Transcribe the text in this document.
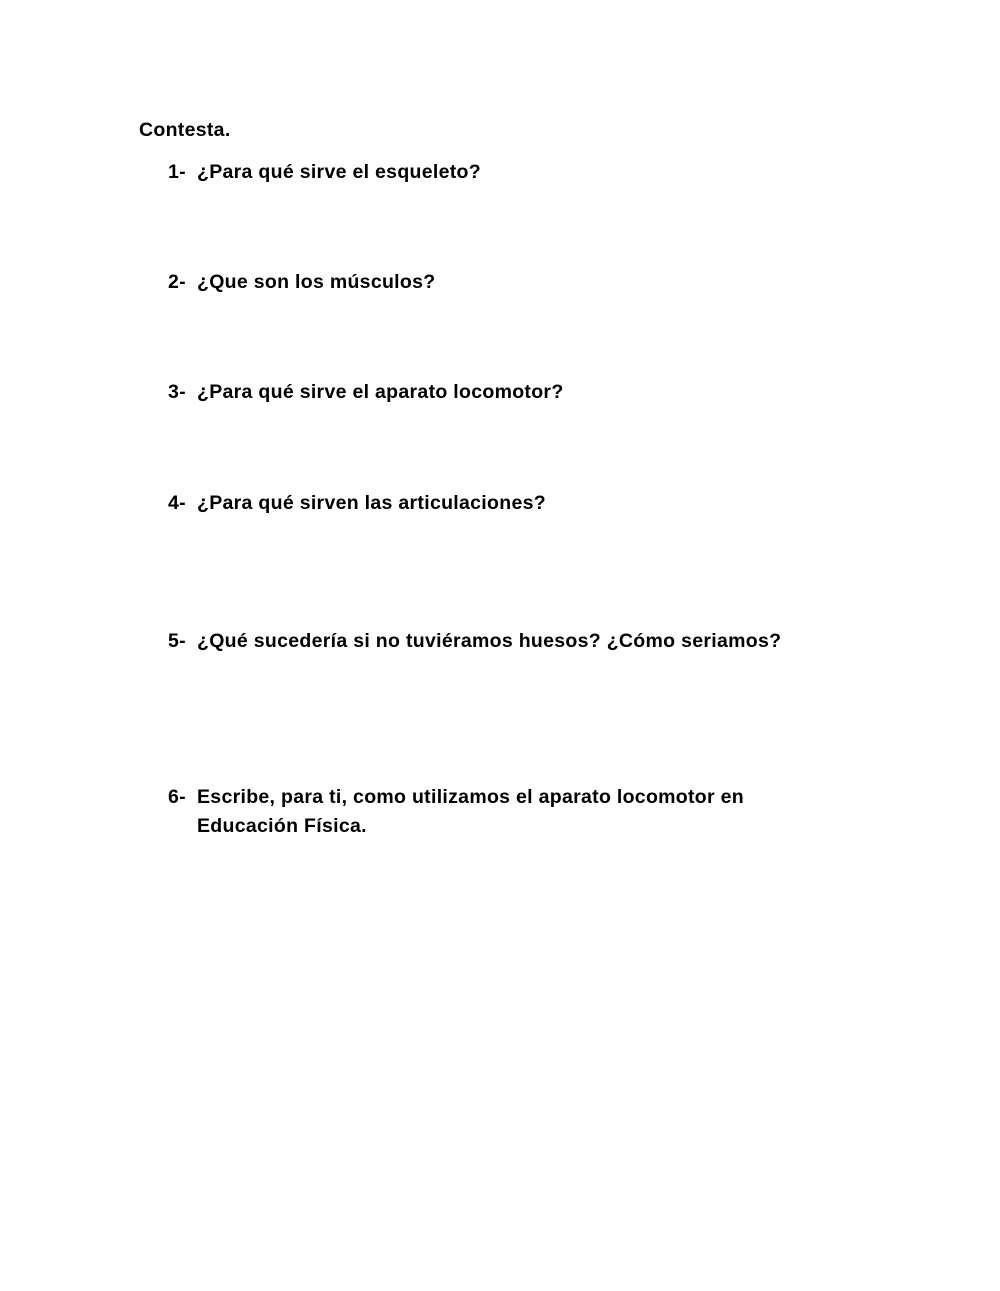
Contesta.
1- ¿Para qué sirve el esqueleto?
2- ¿Que son los músculos?
3- ¿Para qué sirve el aparato locomotor?
4- ¿Para qué sirven las articulaciones?
5- ¿Qué sucedería si no tuviéramos huesos? ¿Cómo seriamos?
6- Escribe, para ti, como utilizamos el aparato locomotor en Educación Física.
